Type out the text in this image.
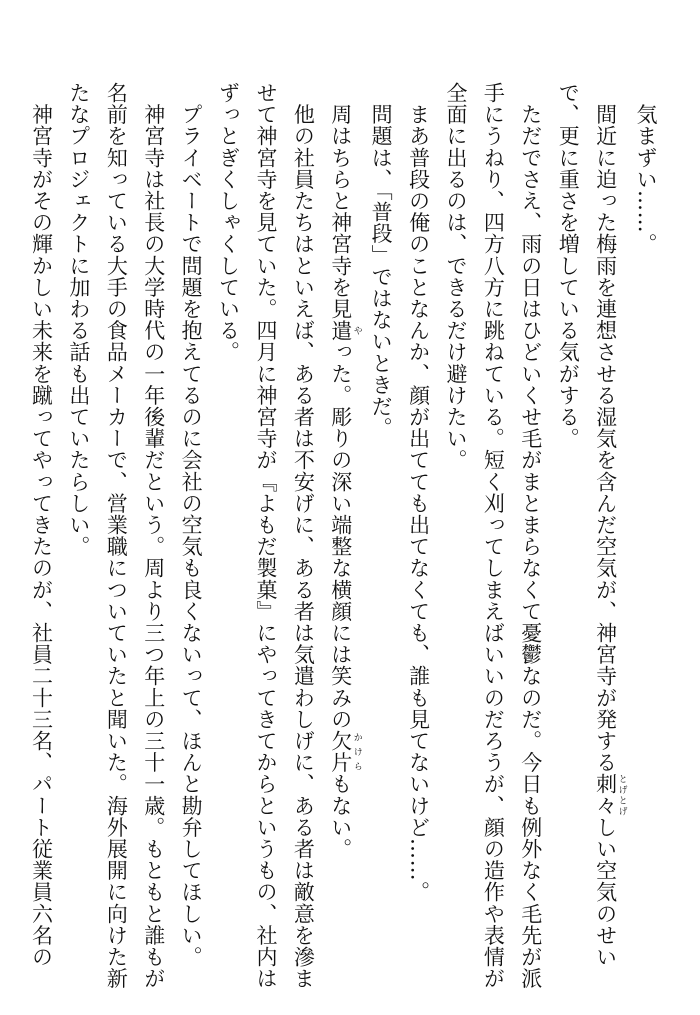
　気まずい……。
　間近に迫った梅雨を連想させる湿気を含んだ空気が、神宮寺が発する刺々 とげとげしい空気のせい
で、更に重さを増している気がする。
　ただでさえ、雨の日はひどいくせ毛がまとまらなくて憂鬱なのだ。今日も例外なく毛先が派
手にうねり、四方八方に跳ねている。短く刈ってしまえばいいのだろうが、顔の造作や表情が
全面に出るのは、できるだけ避けたい。
　まあ普段の俺のことなんか、顔が出てても出てなくても、誰も見てないけど……。
　問題は、「普段」ではないときだ。
　周はちらと神宮寺を見遣 やった。彫りの深い端整な横顔には笑みの欠片 かけらもない。
　他の社員たちはといえば、ある者は不安げに、ある者は気遣わしげに、ある者は敵意を滲ま
せて神宮寺を見ていた。四月に神宮寺が『よもだ製菓』にやってきてからというもの、社内は
ずっとぎくしゃくしている。
　プライベートで問題を抱えてるのに会社の空気も良くないって、ほんと勘弁してほしい。
　神宮寺は社長の大学時代の一年後輩だという。周より三つ年上の三十一歳。もともと誰もが
名前を知っている大手の食品メーカーで、営業職についていたと聞いた。海外展開に向けた新
たなプロジェクトに加わる話も出ていたらしい。
　神宮寺がその輝かしい未来を蹴ってやってきたのが、社員二十三名、パート従業員六名の
